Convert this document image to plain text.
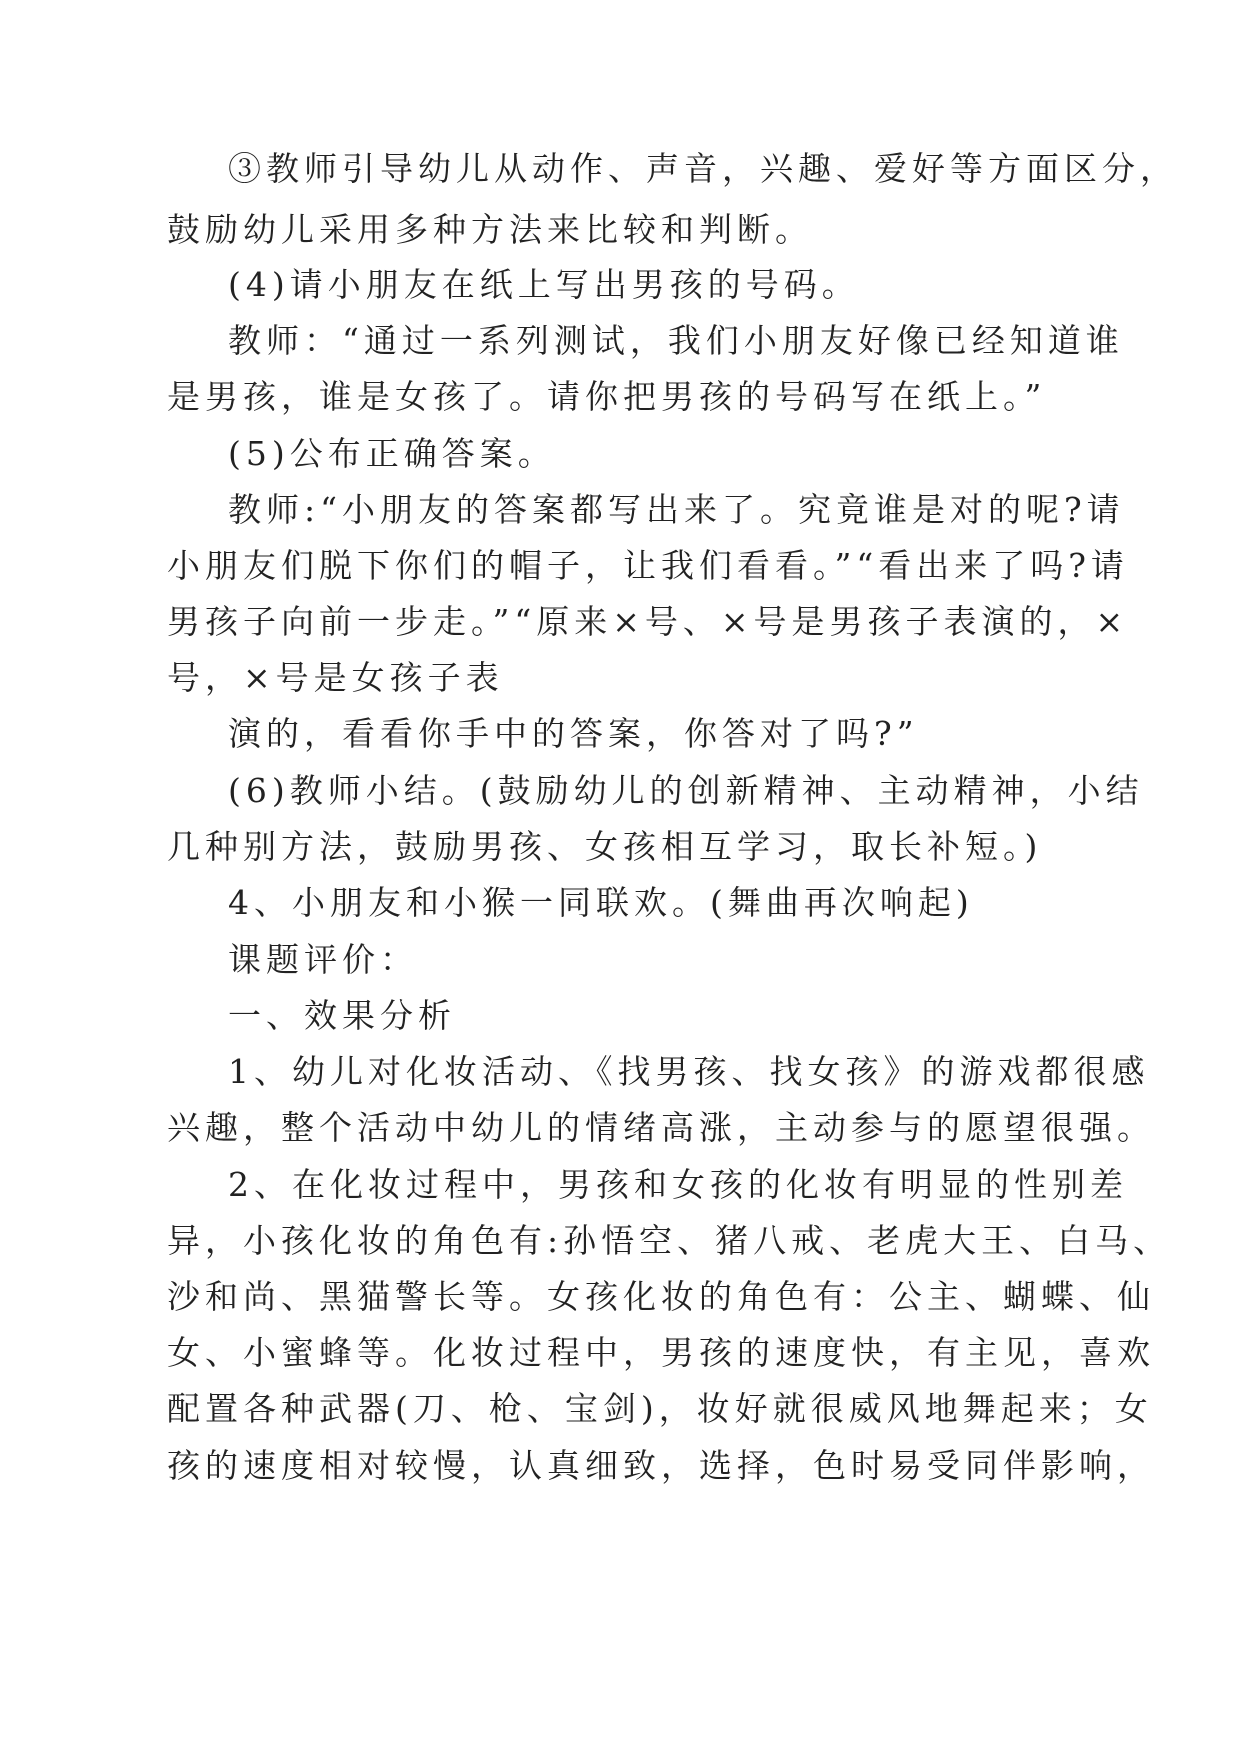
③教师引导幼儿从动作、声音，兴趣、爱好等方面区分，

鼓励幼儿采用多种方法来比较和判断。

(4)请小朋友在纸上写出男孩的号码。

教师：“通过一系列测试，我们小朋友好像已经知道谁

是男孩，谁是女孩了。请你把男孩的号码写在纸上。”

(5)公布正确答案。

教师:“小朋友的答案都写出来了。究竟谁是对的呢?请

小朋友们脱下你们的帽子，让我们看看。”“看出来了吗?请

男孩子向前一步走。”“原来×号、×号是男孩子表演的，×

号，×号是女孩子表

演的，看看你手中的答案，你答对了吗?”

(6)教师小结。(鼓励幼儿的创新精神、主动精神，小结

几种别方法，鼓励男孩、女孩相互学习，取长补短。)

4、小朋友和小猴一同联欢。(舞曲再次响起)

课题评价：

一、效果分析

1、幼儿对化妆活动、《找男孩、找女孩》的游戏都很感

兴趣，整个活动中幼儿的情绪高涨，主动参与的愿望很强。

2、在化妆过程中，男孩和女孩的化妆有明显的性别差

异，小孩化妆的角色有:孙悟空、猪八戒、老虎大王、白马、

沙和尚、黑猫警长等。女孩化妆的角色有：公主、蝴蝶、仙

女、小蜜蜂等。化妆过程中，男孩的速度快，有主见，喜欢

配置各种武器(刀、枪、宝剑)，妆好就很威风地舞起来；女

孩的速度相对较慢，认真细致，选择，色时易受同伴影响，
